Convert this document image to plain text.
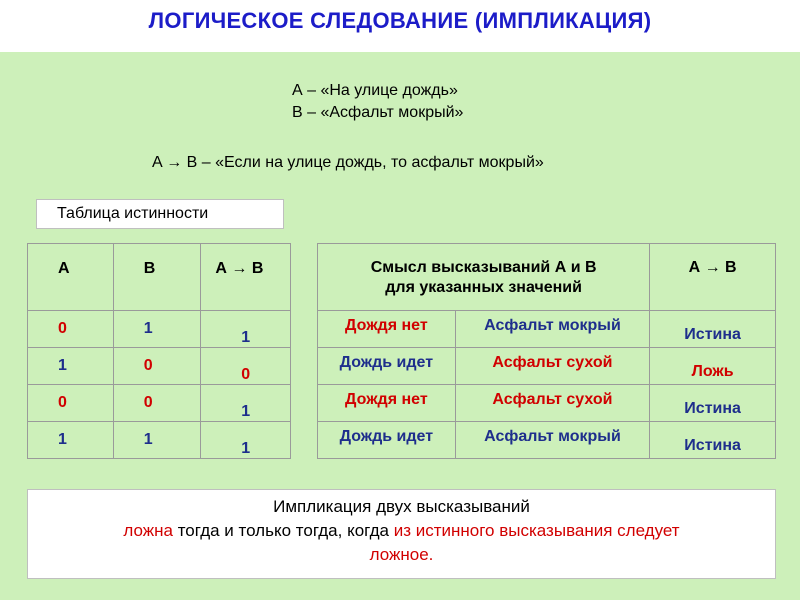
ЛОГИЧЕСКОЕ СЛЕДОВАНИЕ (ИМПЛИКАЦИЯ)
А – «На улице дождь»
В – «Асфальт мокрый»
A → B – «Если на улице дождь, то асфальт мокрый»
Таблица истинности
А	В	А → В
0	1	1
1	0	0
0	0	1
1	1	1
Смысл высказываний А и В
для указанных значений		А → В
Дождя нет	Асфальт мокрый	Истина
Дождь идет	Асфальт сухой	Ложь
Дождя нет	Асфальт сухой	Истина
Дождь идет	Асфальт мокрый	Истина
Импликация двух высказываний
ложна тогда и только тогда, когда из истинного высказывания следует
ложное.
